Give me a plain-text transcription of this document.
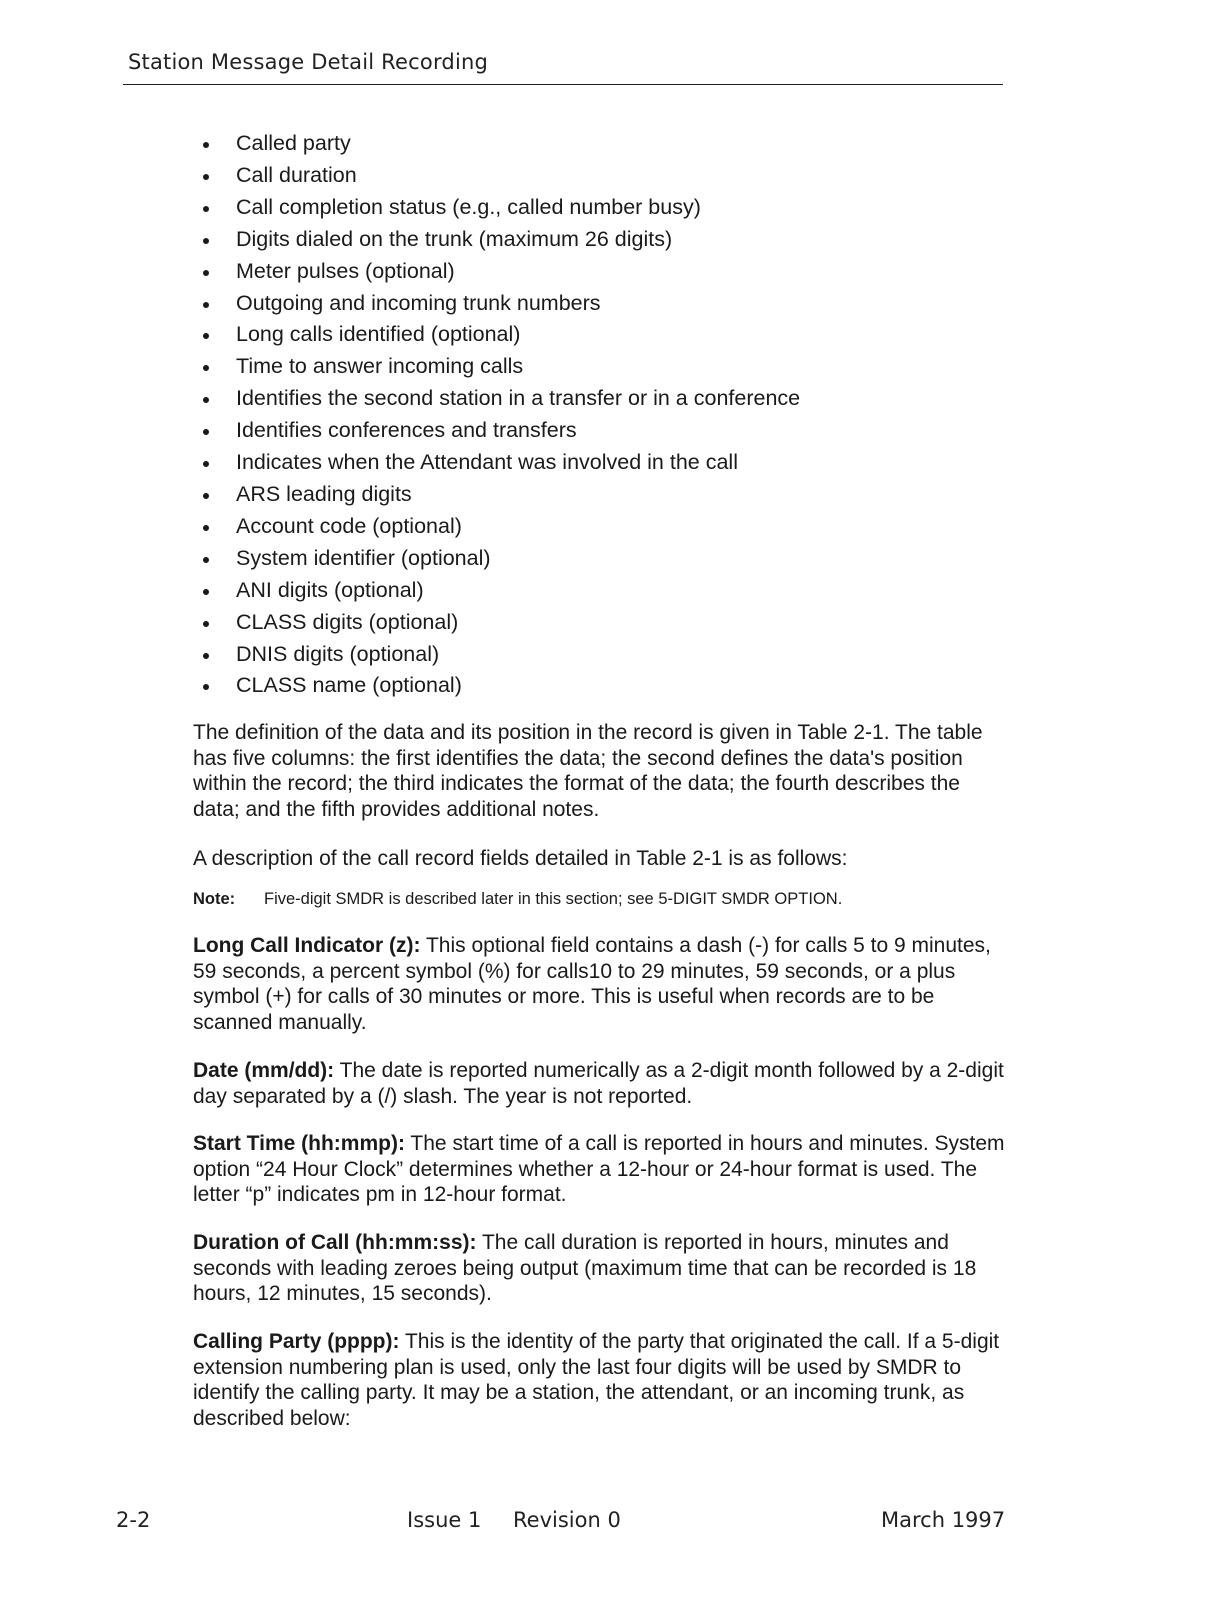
Station Message Detail Recording
Called party
Call duration
Call completion status (e.g., called number busy)
Digits dialed on the trunk (maximum 26 digits)
Meter pulses (optional)
Outgoing and incoming trunk numbers
Long calls identified (optional)
Time to answer incoming calls
Identifies the second station in a transfer or in a conference
Identifies conferences and transfers
Indicates when the Attendant was involved in the call
ARS leading digits
Account code (optional)
System identifier (optional)
ANI digits (optional)
CLASS digits (optional)
DNIS digits (optional)
CLASS name (optional)

The definition of the data and its position in the record is given in Table 2-1. The table has five columns: the first identifies the data; the second defines the data's position within the record; the third indicates the format of the data; the fourth describes the data; and the fifth provides additional notes.

A description of the call record fields detailed in Table 2-1 is as follows:

Note: Five-digit SMDR is described later in this section; see 5-DIGIT SMDR OPTION.

Long Call Indicator (z): This optional field contains a dash (-) for calls 5 to 9 minutes, 59 seconds, a percent symbol (%) for calls10 to 29 minutes, 59 seconds, or a plus symbol (+) for calls of 30 minutes or more. This is useful when records are to be scanned manually.

Date (mm/dd): The date is reported numerically as a 2-digit month followed by a 2-digit day separated by a (/) slash. The year is not reported.

Start Time (hh:mmp): The start time of a call is reported in hours and minutes. System option “24 Hour Clock” determines whether a 12-hour or 24-hour format is used. The letter “p” indicates pm in 12-hour format.

Duration of Call (hh:mm:ss): The call duration is reported in hours, minutes and seconds with leading zeroes being output (maximum time that can be recorded is 18 hours, 12 minutes, 15 seconds).

Calling Party (pppp): This is the identity of the party that originated the call. If a 5-digit extension numbering plan is used, only the last four digits will be used by SMDR to identify the calling party. It may be a station, the attendant, or an incoming trunk, as described below:

2-2	Issue 1 Revision 0	March 1997
